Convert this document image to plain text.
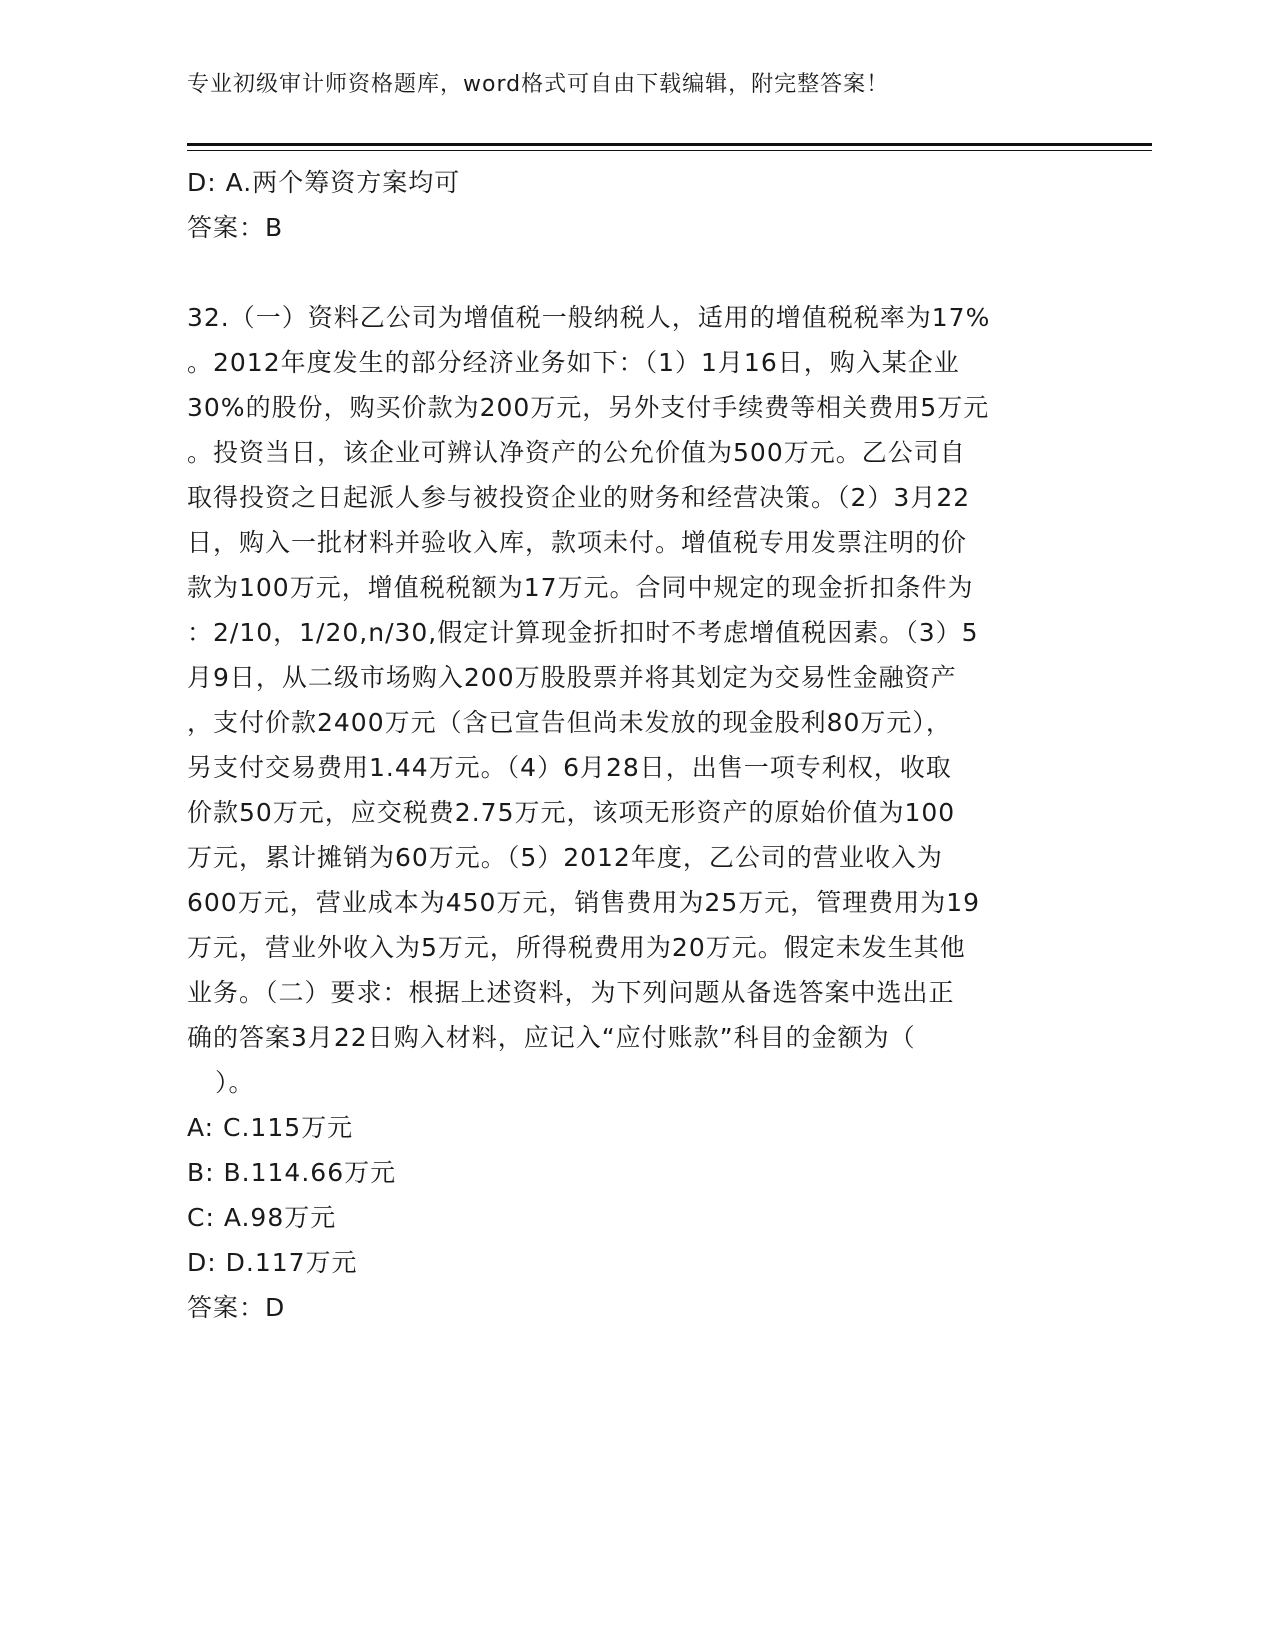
专业初级审计师资格题库，word格式可自由下载编辑，附完整答案！
D: A.两个筹资方案均可
答案：B
32.（一）资料乙公司为增值税一般纳税人，适用的增值税税率为17%
。2012年度发生的部分经济业务如下：（1）1月16日，购入某企业
30%的股份，购买价款为200万元，另外支付手续费等相关费用5万元
。投资当日，该企业可辨认净资产的公允价值为500万元。乙公司自
取得投资之日起派人参与被投资企业的财务和经营决策。（2）3月22
日，购入一批材料并验收入库，款项未付。增值税专用发票注明的价
款为100万元，增值税税额为17万元。合同中规定的现金折扣条件为
：2/10，1/20,n/30,假定计算现金折扣时不考虑增值税因素。（3）5
月9日，从二级市场购入200万股股票并将其划定为交易性金融资产
，支付价款2400万元（含已宣告但尚未发放的现金股利80万元），
另支付交易费用1.44万元。（4）6月28日，出售一项专利权，收取
价款50万元，应交税费2.75万元，该项无形资产的原始价值为100
万元，累计摊销为60万元。（5）2012年度，乙公司的营业收入为
600万元，营业成本为450万元，销售费用为25万元，管理费用为19
万元，营业外收入为5万元，所得税费用为20万元。假定未发生其他
业务。（二）要求：根据上述资料，为下列问题从备选答案中选出正
确的答案3月22日购入材料，应记入“应付账款”科目的金额为（
）。
A: C.115万元
B: B.114.66万元
C: A.98万元
D: D.117万元
答案：D
